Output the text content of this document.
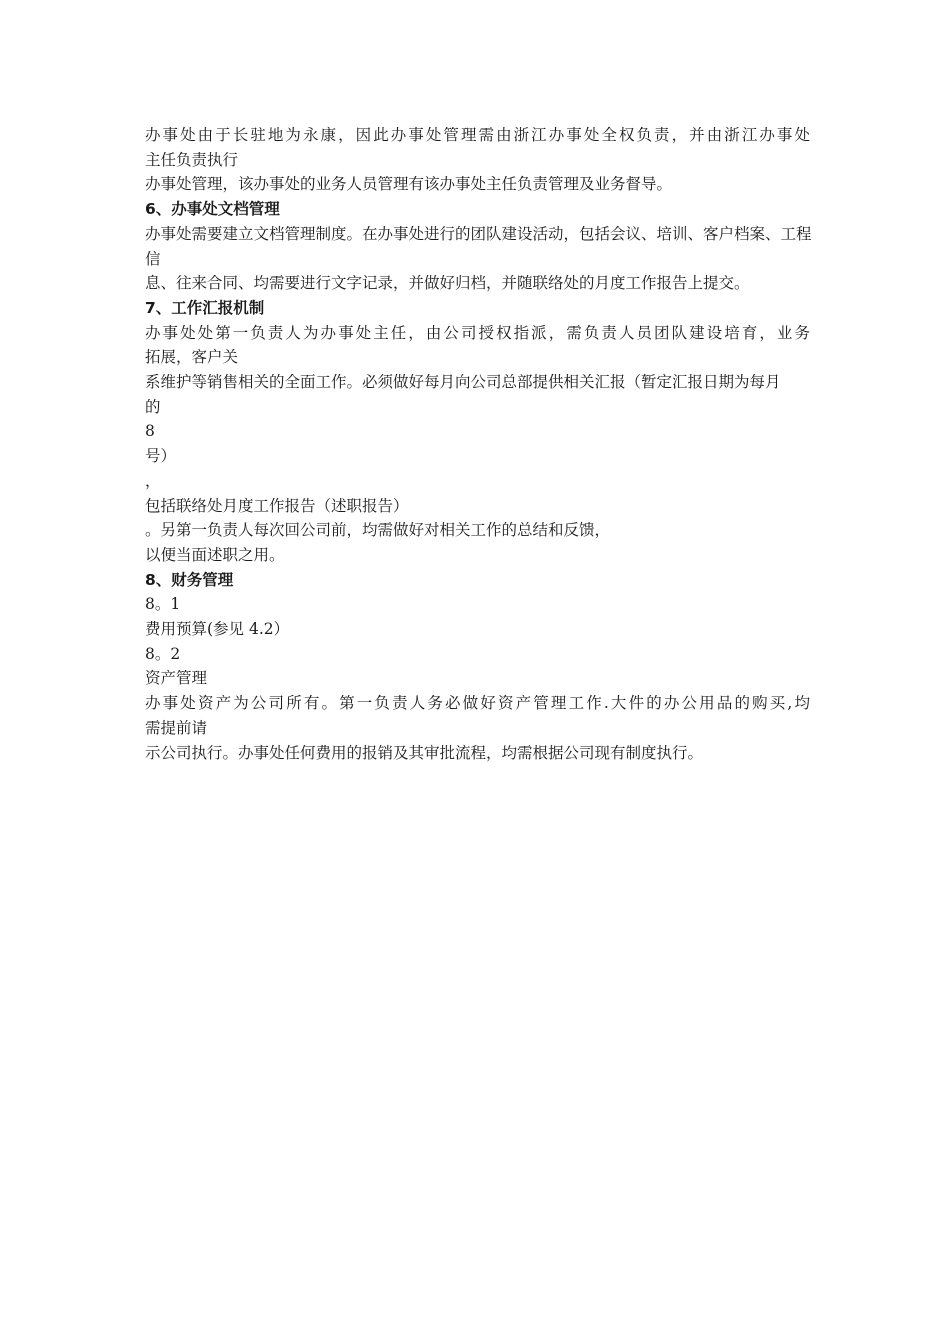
办事处由于长驻地为永康，因此办事处管理需由浙江办事处全权负责，并由浙江办事处
主任负责执行
办事处管理，该办事处的业务人员管理有该办事处主任负责管理及业务督导。
6、办事处文档管理
办事处需要建立文档管理制度。在办事处进行的团队建设活动，包括会议、培训、客户档案、工程
信
息、往来合同、均需要进行文字记录，并做好归档，并随联络处的月度工作报告上提交。
7、工作汇报机制
办事处处第一负责人为办事处主任，由公司授权指派，需负责人员团队建设培育，业务
拓展，客户关
系维护等销售相关的全面工作。必须做好每月向公司总部提供相关汇报（暂定汇报日期为每月
的
8
号）
，
包括联络处月度工作报告（述职报告）
。另第一负责人每次回公司前，均需做好对相关工作的总结和反馈，
以便当面述职之用。
8、财务管理
8。1
费用预算(参见 4.2）
8。2
资产管理
办事处资产为公司所有。第一负责人务必做好资产管理工作.大件的办公用品的购买,均
需提前请
示公司执行。办事处任何费用的报销及其审批流程，均需根据公司现有制度执行。
